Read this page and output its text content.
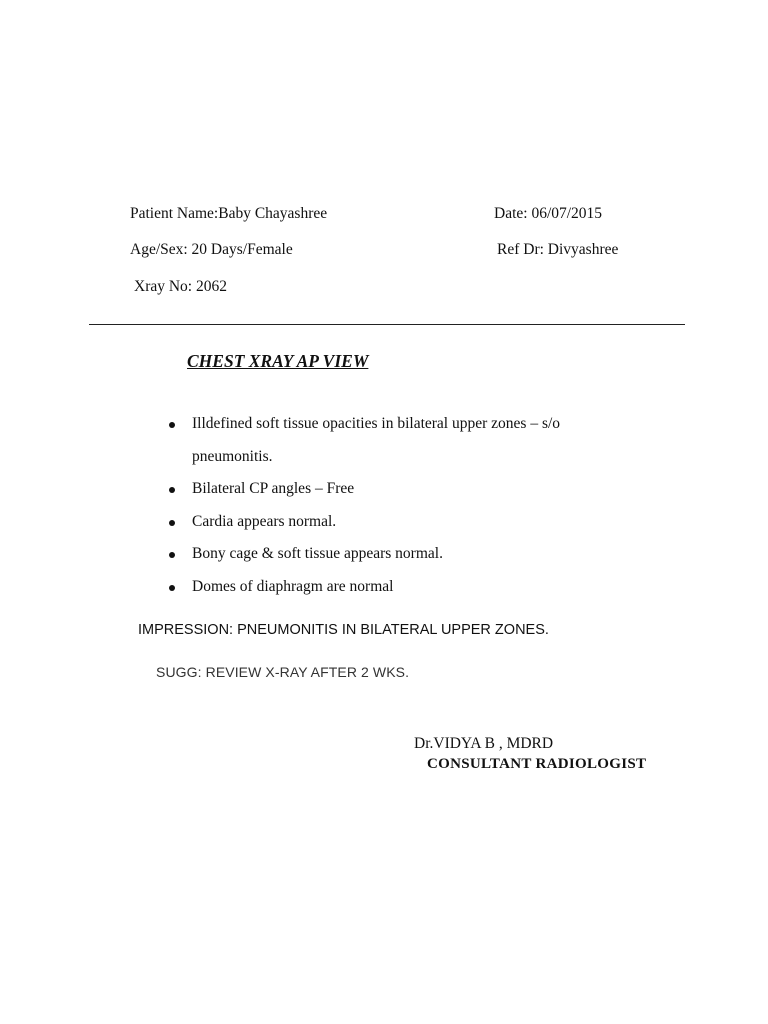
Patient Name:Baby Chayashree	Date: 06/07/2015
Age/Sex: 20 Days/Female	Ref Dr: Divyashree
Xray No: 2062
CHEST XRAY AP VIEW
Illdefined soft tissue opacities in bilateral upper zones – s/o
pneumonitis.
Bilateral CP angles – Free
Cardia appears normal.
Bony cage & soft tissue appears normal.
Domes of diaphragm are normal
IMPRESSION: PNEUMONITIS IN BILATERAL UPPER ZONES.
SUGG: REVIEW X-RAY AFTER 2 WKS.
Dr.VIDYA B , MDRD
CONSULTANT RADIOLOGIST
